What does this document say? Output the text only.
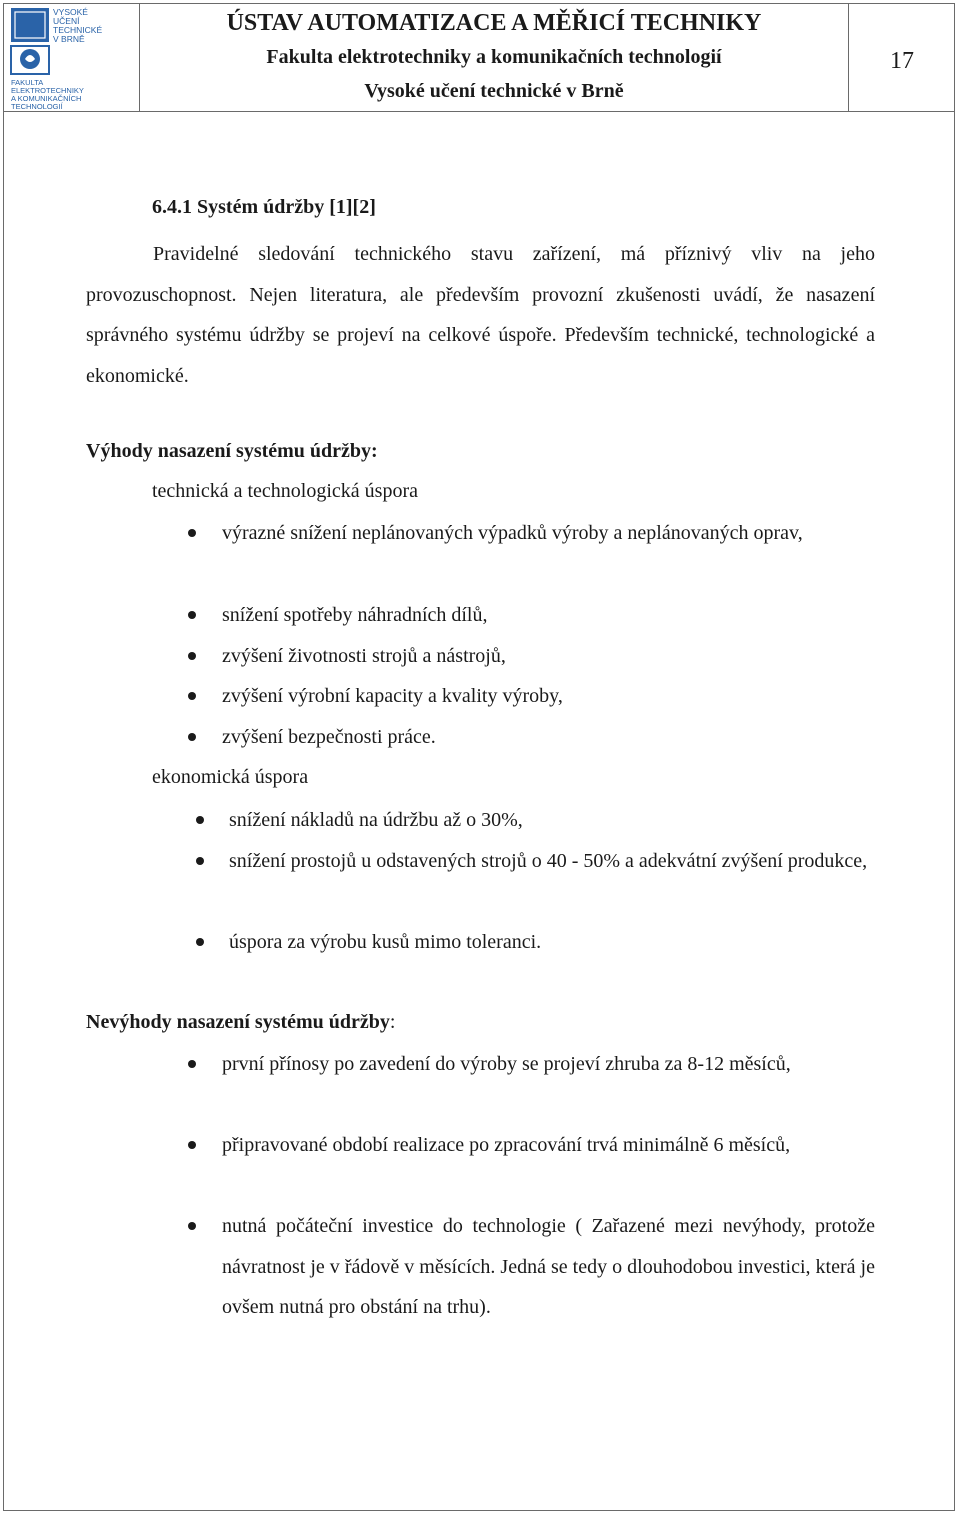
VYSOKÉ
UČENÍ
TECHNICKÉ
V BRNĚ
FAKULTA
ELEKTROTECHNIKY
A KOMUNIKAČNÍCH
TECHNOLOGIÍ
ÚSTAV AUTOMATIZACE A MĚŘICÍ TECHNIKY
Fakulta elektrotechniky a komunikačních technologií
Vysoké učení technické v Brně
17
6.4.1 Systém údržby [1][2]
Pravidelné sledování technického stavu zařízení, má příznivý vliv na jeho provozuschopnost. Nejen literatura, ale především provozní zkušenosti uvádí, že nasazení správného systému údržby se projeví na celkové úspoře. Především technické, technologické a ekonomické.
Výhody nasazení systému údržby:
technická a technologická úspora
výrazné snížení neplánovaných výpadků výroby a neplánovaných oprav,
snížení spotřeby náhradních dílů,
zvýšení životnosti strojů a nástrojů,
zvýšení výrobní kapacity a kvality výroby,
zvýšení bezpečnosti práce.
ekonomická úspora
snížení nákladů na údržbu až o 30%,
snížení prostojů u odstavených strojů o 40 - 50% a adekvátní zvýšení produkce,
úspora za výrobu kusů mimo toleranci.
Nevýhody nasazení systému údržby:
první přínosy po zavedení do výroby se projeví zhruba za 8-12 měsíců,
připravované období realizace po zpracování trvá minimálně 6 měsíců,
nutná počáteční investice do technologie ( Zařazené mezi nevýhody, protože návratnost je v řádově v měsících. Jedná se tedy o dlouhodobou investici, která je ovšem nutná pro obstání na trhu).
